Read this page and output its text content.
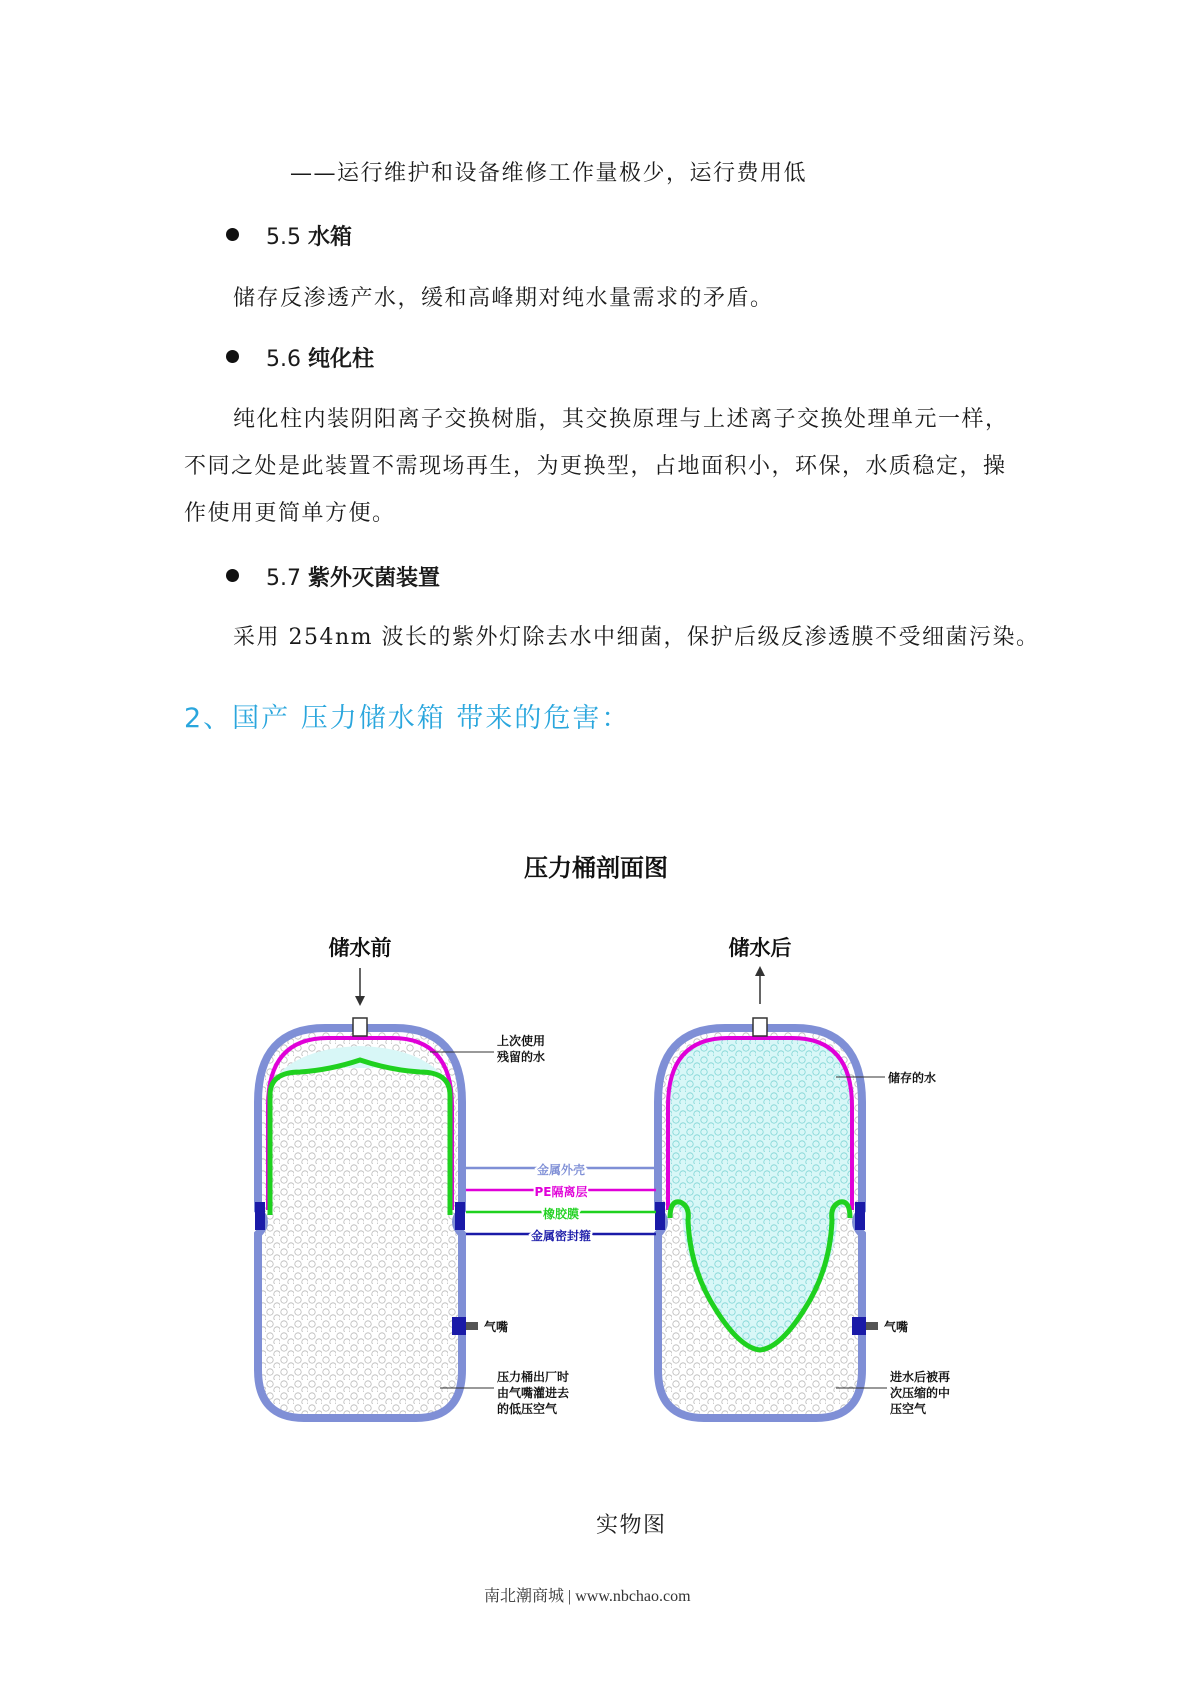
——运行维护和设备维修工作量极少，运行费用低
5.5 水箱
储存反渗透产水，缓和高峰期对纯水量需求的矛盾。
5.6 纯化柱
纯化柱内装阴阳离子交换树脂，其交换原理与上述离子交换处理单元一样，
不同之处是此装置不需现场再生，为更换型，占地面积小，环保，水质稳定，操
作使用更简单方便。
5.7 紫外灭菌装置
采用 254nm 波长的紫外灯除去水中细菌，保护后级反渗透膜不受细菌污染。
2、国产 压力储水箱 带来的危害：
压力桶剖面图
储水前	储水后
金属外壳
PE隔离层
橡胶膜
金属密封箍
上次使用
残留的水
储存的水
气嘴	气嘴
压力桶出厂时
由气嘴灌进去
的低压空气
进水后被再
次压缩的中
压空气
实物图
南北潮商城 | www.nbchao.com
